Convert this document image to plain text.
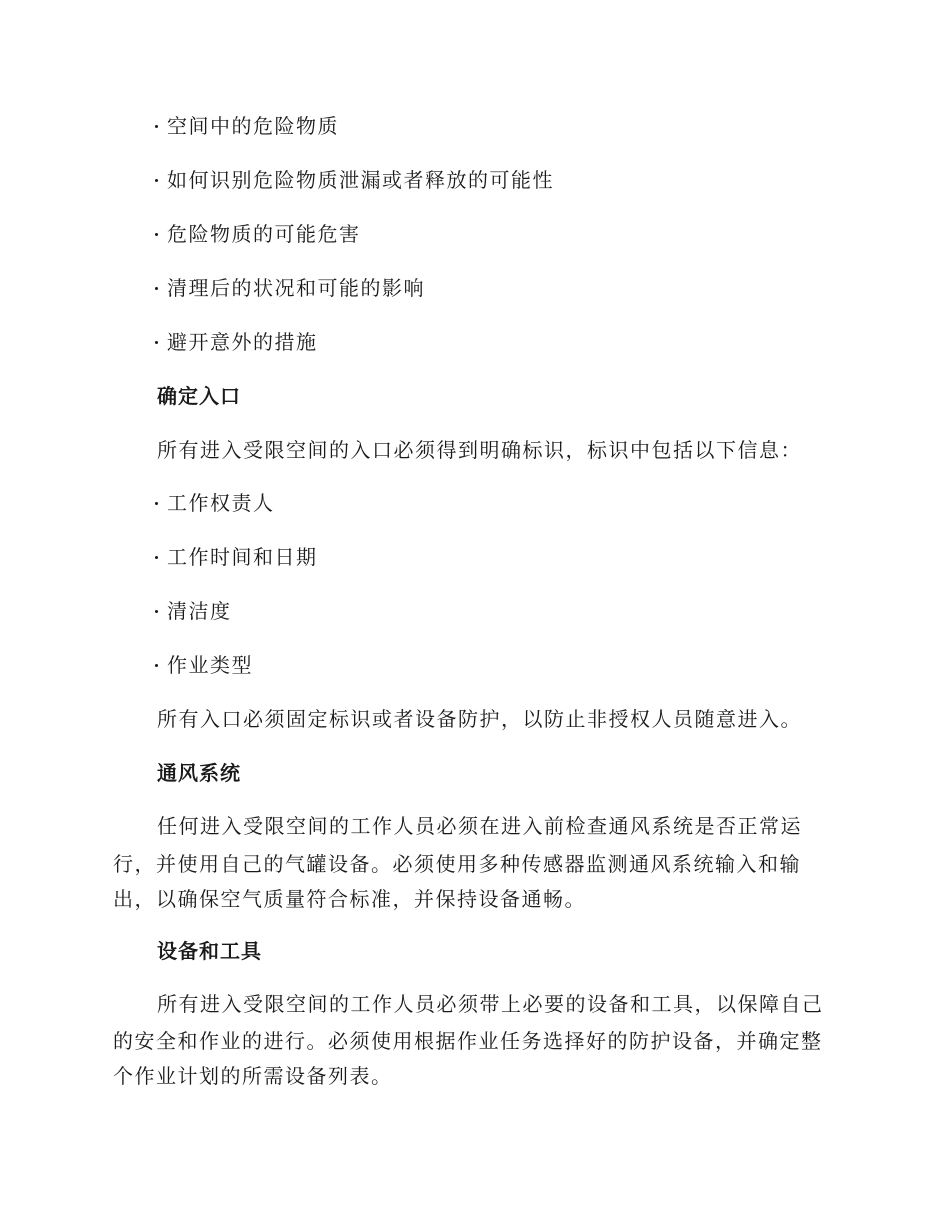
空间中的危险物质
如何识别危险物质泄漏或者释放的可能性
危险物质的可能危害
清理后的状况和可能的影响
避开意外的措施
确定入口
所有进入受限空间的入口必须得到明确标识，标识中包括以下信息：
工作权责人
工作时间和日期
清洁度
作业类型
所有入口必须固定标识或者设备防护，以防止非授权人员随意进入。
通风系统
任何进入受限空间的工作人员必须在进入前检查通风系统是否正常运
行，并使用自己的气罐设备。必须使用多种传感器监测通风系统输入和输
出，以确保空气质量符合标准，并保持设备通畅。
设备和工具
所有进入受限空间的工作人员必须带上必要的设备和工具，以保障自己
的安全和作业的进行。必须使用根据作业任务选择好的防护设备，并确定整
个作业计划的所需设备列表。
